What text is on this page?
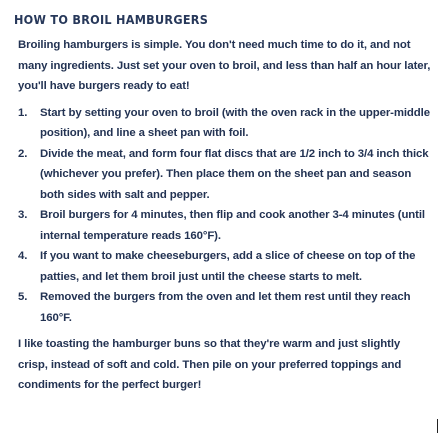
HOW TO BROIL HAMBURGERS

Broiling hamburgers is simple. You don't need much time to do it, and not many ingredients. Just set your oven to broil, and less than half an hour later, you'll have burgers ready to eat!

Start by setting your oven to broil (with the oven rack in the upper-middle position), and line a sheet pan with foil.
Divide the meat, and form four flat discs that are 1/2 inch to 3/4 inch thick (whichever you prefer). Then place them on the sheet pan and season both sides with salt and pepper.
Broil burgers for 4 minutes, then flip and cook another 3-4 minutes (until internal temperature reads 160°F).
If you want to make cheeseburgers, add a slice of cheese on top of the patties, and let them broil just until the cheese starts to melt.
Removed the burgers from the oven and let them rest until they reach 160°F.

I like toasting the hamburger buns so that they're warm and just slightly crisp, instead of soft and cold. Then pile on your preferred toppings and condiments for the perfect burger!
